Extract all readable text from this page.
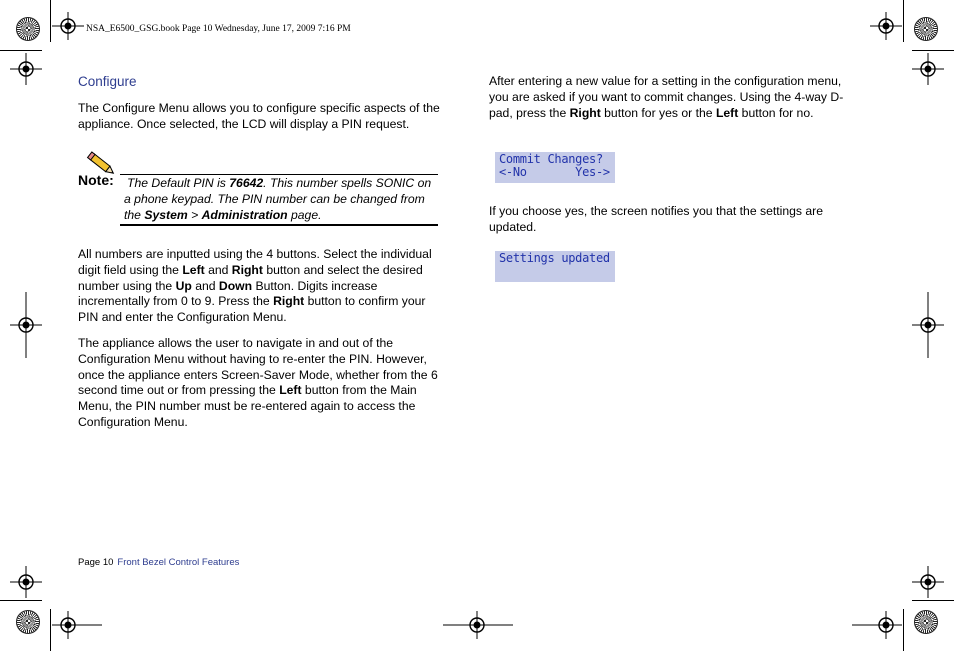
NSA_E6500_GSG.book Page 10 Wednesday, June 17, 2009 7:16 PM
Configure
The Configure Menu allows you to configure specific aspects of the appliance. Once selected, the LCD will display a PIN request.
Note: The Default PIN is 76642. This number spells SONIC on a phone keypad. The PIN number can be changed from the System > Administration page.
All numbers are inputted using the 4 buttons. Select the individual digit field using the Left and Right button and select the desired number using the Up and Down Button. Digits increase incrementally from 0 to 9. Press the Right button to confirm your PIN and enter the Configuration Menu.
The appliance allows the user to navigate in and out of the Configuration Menu without having to re-enter the PIN. However, once the appliance enters Screen-Saver Mode, whether from the 6 second time out or from pressing the Left button from the Main Menu, the PIN number must be re-entered again to access the Configuration Menu.
After entering a new value for a setting in the configuration menu, you are asked if you want to commit changes. Using the 4-way D-pad, press the Right button for yes or the Left button for no.
Commit Changes?
<-No       Yes->
If you choose yes, the screen notifies you that the settings are updated.
Settings updated
Page 10 Front Bezel Control Features
